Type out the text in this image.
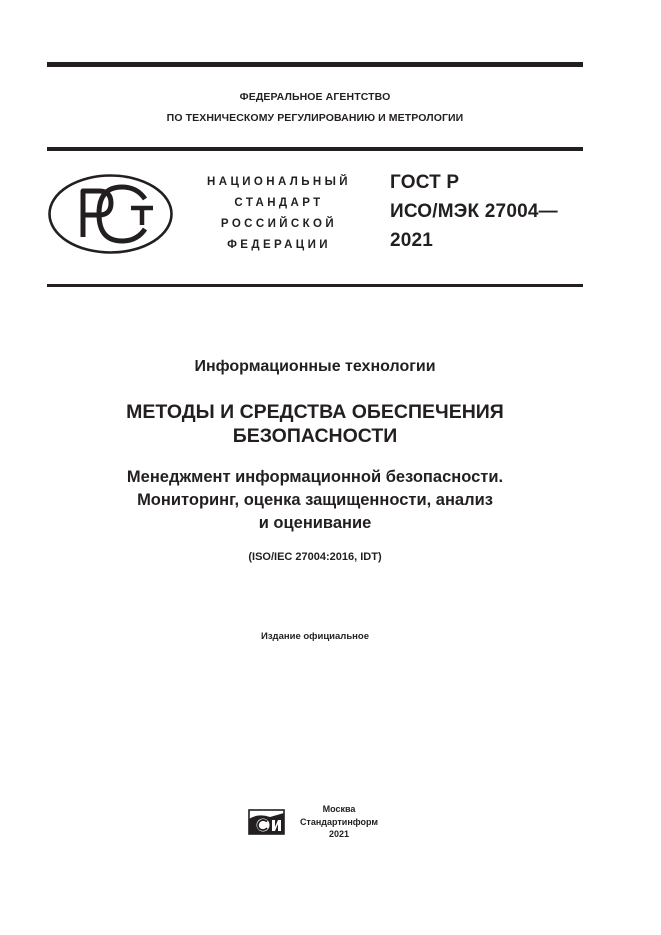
ФЕДЕРАЛЬНОЕ АГЕНТСТВО
ПО ТЕХНИЧЕСКОМУ РЕГУЛИРОВАНИЮ И МЕТРОЛОГИИ
НАЦИОНАЛЬНЫЙ
СТАНДАРТ
РОССИЙСКОЙ
ФЕДЕРАЦИИ
ГОСТ Р
ИСО/МЭК 27004—
2021
Информационные технологии
МЕТОДЫ И СРЕДСТВА ОБЕСПЕЧЕНИЯ
БЕЗОПАСНОСТИ
Менеджмент информационной безопасности.
Мониторинг, оценка защищенности, анализ
и оценивание
(ISO/IEC 27004:2016, IDT)
Издание официальное
Москва
Стандартинформ
2021
